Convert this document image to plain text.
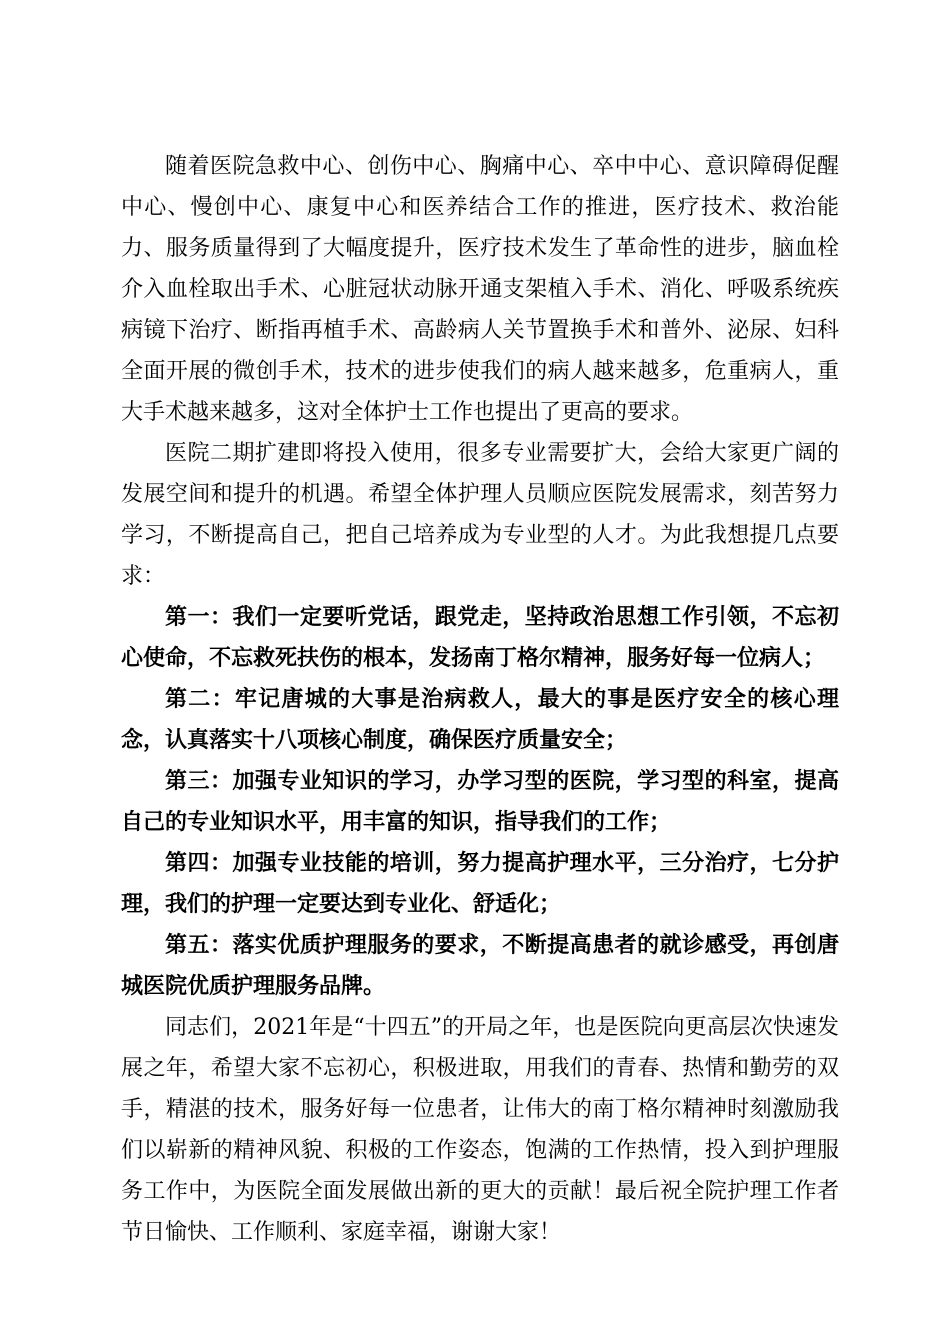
随着医院急救中心、创伤中心、胸痛中心、卒中中心、意识障碍促醒中心、慢创中心、康复中心和医养结合工作的推进，医疗技术、救治能力、服务质量得到了大幅度提升，医疗技术发生了革命性的进步，脑血栓介入血栓取出手术、心脏冠状动脉开通支架植入手术、消化、呼吸系统疾病镜下治疗、断指再植手术、高龄病人关节置换手术和普外、泌尿、妇科全面开展的微创手术，技术的进步使我们的病人越来越多，危重病人，重大手术越来越多，这对全体护士工作也提出了更高的要求。

医院二期扩建即将投入使用，很多专业需要扩大，会给大家更广阔的发展空间和提升的机遇。希望全体护理人员顺应医院发展需求，刻苦努力学习，不断提高自己，把自己培养成为专业型的人才。为此我想提几点要求：

第一：我们一定要听党话，跟党走，坚持政治思想工作引领，不忘初心使命，不忘救死扶伤的根本，发扬南丁格尔精神，服务好每一位病人；

第二：牢记唐城的大事是治病救人，最大的事是医疗安全的核心理念，认真落实十八项核心制度，确保医疗质量安全；

第三：加强专业知识的学习，办学习型的医院，学习型的科室，提高自己的专业知识水平，用丰富的知识，指导我们的工作；

第四：加强专业技能的培训，努力提高护理水平，三分治疗，七分护理，我们的护理一定要达到专业化、舒适化；

第五：落实优质护理服务的要求，不断提高患者的就诊感受，再创唐城医院优质护理服务品牌。

同志们，2021年是“十四五”的开局之年，也是医院向更高层次快速发展之年，希望大家不忘初心，积极进取，用我们的青春、热情和勤劳的双手，精湛的技术，服务好每一位患者，让伟大的南丁格尔精神时刻激励我们以崭新的精神风貌、积极的工作姿态，饱满的工作热情，投入到护理服务工作中，为医院全面发展做出新的更大的贡献！最后祝全院护理工作者节日愉快、工作顺利、家庭幸福，谢谢大家！
